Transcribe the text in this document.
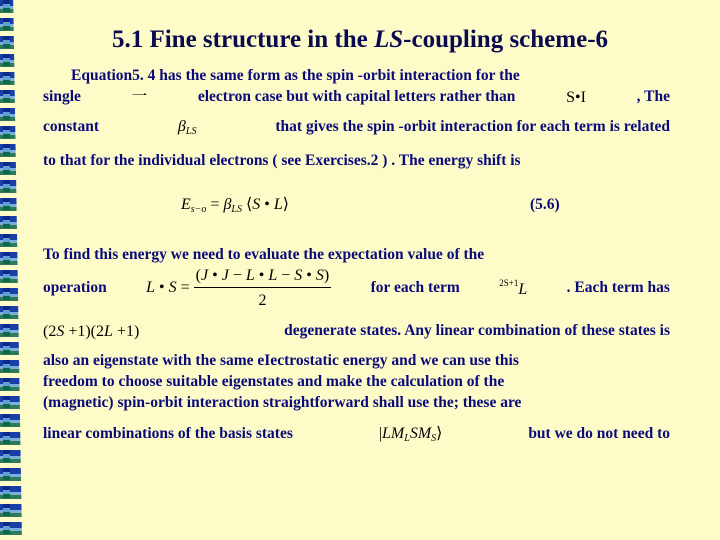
5.1 Fine structure in the LS-coupling scheme-6
Equation5. 4 has the same form as the spin -orbit interaction for the
single	一	electron case but with capital letters rather than	S•I	, The
constant	$\beta_{LS}$	that gives the spin -orbit interaction for each term is related
to that for the individual electrons ( see Exercises.2 ) . The energy shift is
$E_{s-o} = \beta_{LS}$ ⟨S • L⟩	(5.6)
To find this energy we need to evaluate the expectation value of the
operation L • $S = \frac{(J • J - L • L - S • S)}{2}$	for each term	$^{2S+1}$L	. Each term has
(2S +1)(2L +1)	degenerate states. Any linear combination of these states is
also an eigenstate with the same eIectrostatic energy and we can use this
freedom to choose suitable eigenstates and make the calculation of the
(magnetic) spin-orbit interaction straightforward shall use the; these are
linear combinations of the basis states	$|LM_LSM_S⟩$	but we do not need to
